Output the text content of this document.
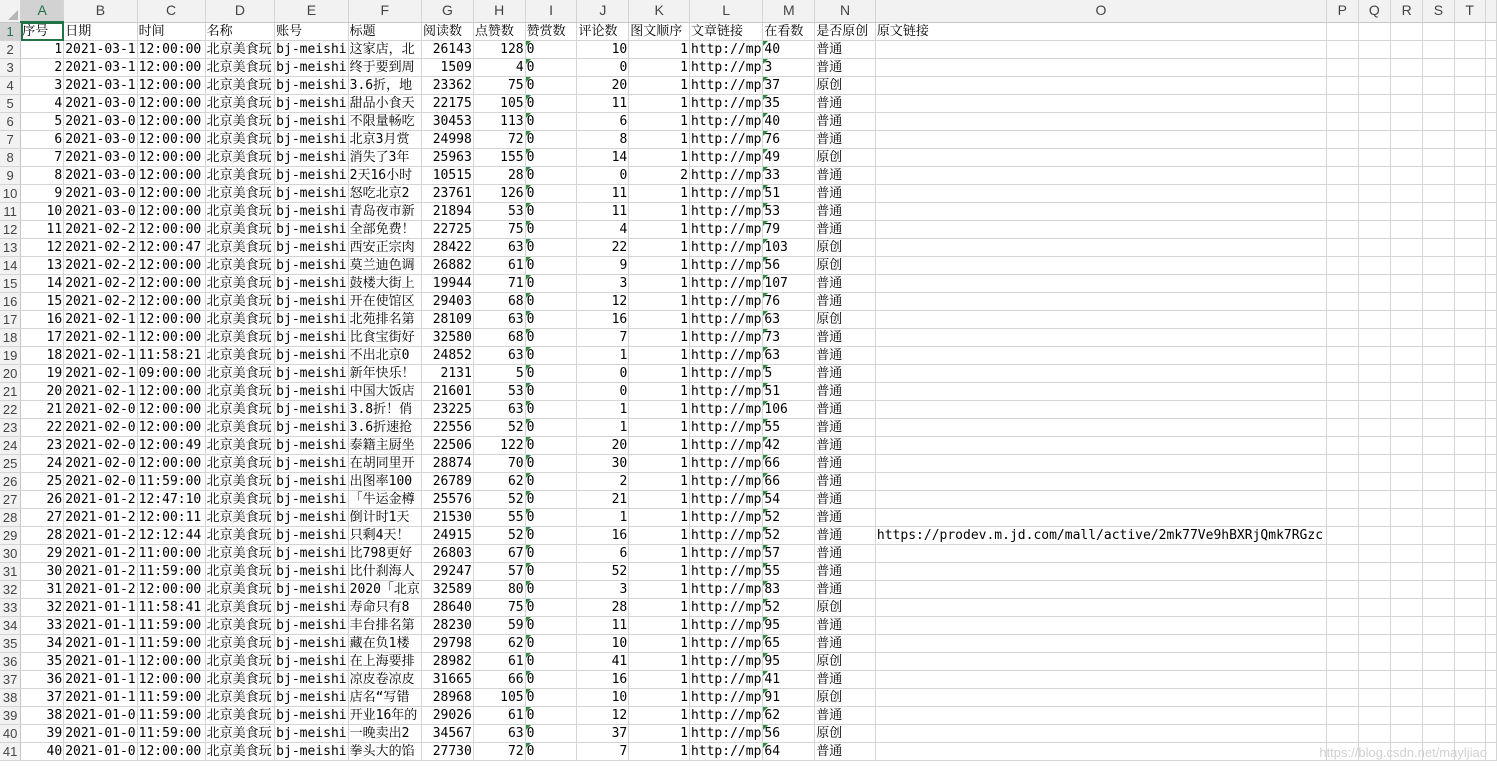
	A	B	C	D	E	F	G	H	I	J	K	L	M	N	O	P	Q	R	S	T	
1	序号	日期	时间	名称	账号	标题	阅读数	点赞数	赞赏数	评论数	图文顺序	文章链接	在看数	是否原创	原文链接						
2	1	2021-03-1	12:00:00	北京美食玩	bj-meishi	这家店，北	26143	128	0	10	1	http://mp	40	普通							
3	2	2021-03-1	12:00:00	北京美食玩	bj-meishi	终于要到周	1509	4	0	0	1	http://mp	3	普通							
4	3	2021-03-1	12:00:00	北京美食玩	bj-meishi	3.6折，地	23362	75	0	20	1	http://mp	37	原创							
5	4	2021-03-0	12:00:00	北京美食玩	bj-meishi	甜品小食天	22175	105	0	11	1	http://mp	35	普通							
6	5	2021-03-0	12:00:00	北京美食玩	bj-meishi	不限量畅吃	30453	113	0	6	1	http://mp	40	普通							
7	6	2021-03-0	12:00:00	北京美食玩	bj-meishi	北京3月赏	24998	72	0	8	1	http://mp	76	普通							
8	7	2021-03-0	12:00:00	北京美食玩	bj-meishi	消失了3年	25963	155	0	14	1	http://mp	49	原创							
9	8	2021-03-0	12:00:00	北京美食玩	bj-meishi	2天16小时	10515	28	0	0	2	http://mp	33	普通							
10	9	2021-03-0	12:00:00	北京美食玩	bj-meishi	怒吃北京2	23761	126	0	11	1	http://mp	51	普通							
11	10	2021-03-0	12:00:00	北京美食玩	bj-meishi	青岛夜市新	21894	53	0	11	1	http://mp	53	普通							
12	11	2021-02-2	12:00:00	北京美食玩	bj-meishi	全部免费！	22725	75	0	4	1	http://mp	79	普通							
13	12	2021-02-2	12:00:47	北京美食玩	bj-meishi	西安正宗肉	28422	63	0	22	1	http://mp	103	原创							
14	13	2021-02-2	12:00:00	北京美食玩	bj-meishi	莫兰迪色调	26882	61	0	9	1	http://mp	56	原创							
15	14	2021-02-2	12:00:00	北京美食玩	bj-meishi	鼓楼大街上	19944	71	0	3	1	http://mp	107	普通							
16	15	2021-02-2	12:00:00	北京美食玩	bj-meishi	开在使馆区	29403	68	0	12	1	http://mp	76	普通							
17	16	2021-02-1	12:00:00	北京美食玩	bj-meishi	北苑排名第	28109	63	0	16	1	http://mp	63	原创							
18	17	2021-02-1	12:00:00	北京美食玩	bj-meishi	比食宝街好	32580	68	0	7	1	http://mp	73	普通							
19	18	2021-02-1	11:58:21	北京美食玩	bj-meishi	不出北京0	24852	63	0	1	1	http://mp	63	普通							
20	19	2021-02-1	09:00:00	北京美食玩	bj-meishi	新年快乐！	2131	5	0	0	1	http://mp	5	普通							
21	20	2021-02-1	12:00:00	北京美食玩	bj-meishi	中国大饭店	21601	53	0	0	1	http://mp	51	普通							
22	21	2021-02-0	12:00:00	北京美食玩	bj-meishi	3.8折！俏	23225	63	0	1	1	http://mp	106	普通							
23	22	2021-02-0	12:00:00	北京美食玩	bj-meishi	3.6折速抢	22556	52	0	1	1	http://mp	55	普通							
24	23	2021-02-0	12:00:49	北京美食玩	bj-meishi	泰籍主厨坐	22506	122	0	20	1	http://mp	42	普通							
25	24	2021-02-0	12:00:00	北京美食玩	bj-meishi	在胡同里开	28874	70	0	30	1	http://mp	66	普通							
26	25	2021-02-0	11:59:00	北京美食玩	bj-meishi	出图率100	26789	62	0	2	1	http://mp	66	普通							
27	26	2021-01-2	12:47:10	北京美食玩	bj-meishi	「牛运金樽	25576	52	0	21	1	http://mp	54	普通							
28	27	2021-01-2	12:00:11	北京美食玩	bj-meishi	倒计时1天	21530	55	0	1	1	http://mp	52	普通							
29	28	2021-01-2	12:12:44	北京美食玩	bj-meishi	只剩4天！	24915	52	0	16	1	http://mp	52	普通	https://prodev.m.jd.com/mall/active/2mk77Ve9hBXRjQmk7RGzc						
30	29	2021-01-2	11:00:00	北京美食玩	bj-meishi	比798更好	26803	67	0	6	1	http://mp	57	普通							
31	30	2021-01-2	11:59:00	北京美食玩	bj-meishi	比什刹海人	29247	57	0	52	1	http://mp	55	普通							
32	31	2021-01-2	12:00:00	北京美食玩	bj-meishi	2020「北京	32589	80	0	3	1	http://mp	83	普通							
33	32	2021-01-1	11:58:41	北京美食玩	bj-meishi	寿命只有8	28640	75	0	28	1	http://mp	52	原创							
34	33	2021-01-1	11:59:00	北京美食玩	bj-meishi	丰台排名第	28230	59	0	11	1	http://mp	95	普通							
35	34	2021-01-1	11:59:00	北京美食玩	bj-meishi	藏在负1楼	29798	62	0	10	1	http://mp	65	普通							
36	35	2021-01-1	12:00:00	北京美食玩	bj-meishi	在上海要排	28982	61	0	41	1	http://mp	95	原创							
37	36	2021-01-1	12:00:00	北京美食玩	bj-meishi	凉皮卷凉皮	31665	66	0	16	1	http://mp	41	普通							
38	37	2021-01-1	11:59:00	北京美食玩	bj-meishi	店名“写错	28968	105	0	10	1	http://mp	91	原创							
39	38	2021-01-0	11:59:00	北京美食玩	bj-meishi	开业16年的	29026	61	0	12	1	http://mp	62	普通							
40	39	2021-01-0	11:59:00	北京美食玩	bj-meishi	一晚卖出2	34567	63	0	37	1	http://mp	56	原创							
41	40	2021-01-0	12:00:00	北京美食玩	bj-meishi	拳头大的馅	27730	72	0	7	1	http://mp	64	普通								https://blog.csdn.net/mayljiao
